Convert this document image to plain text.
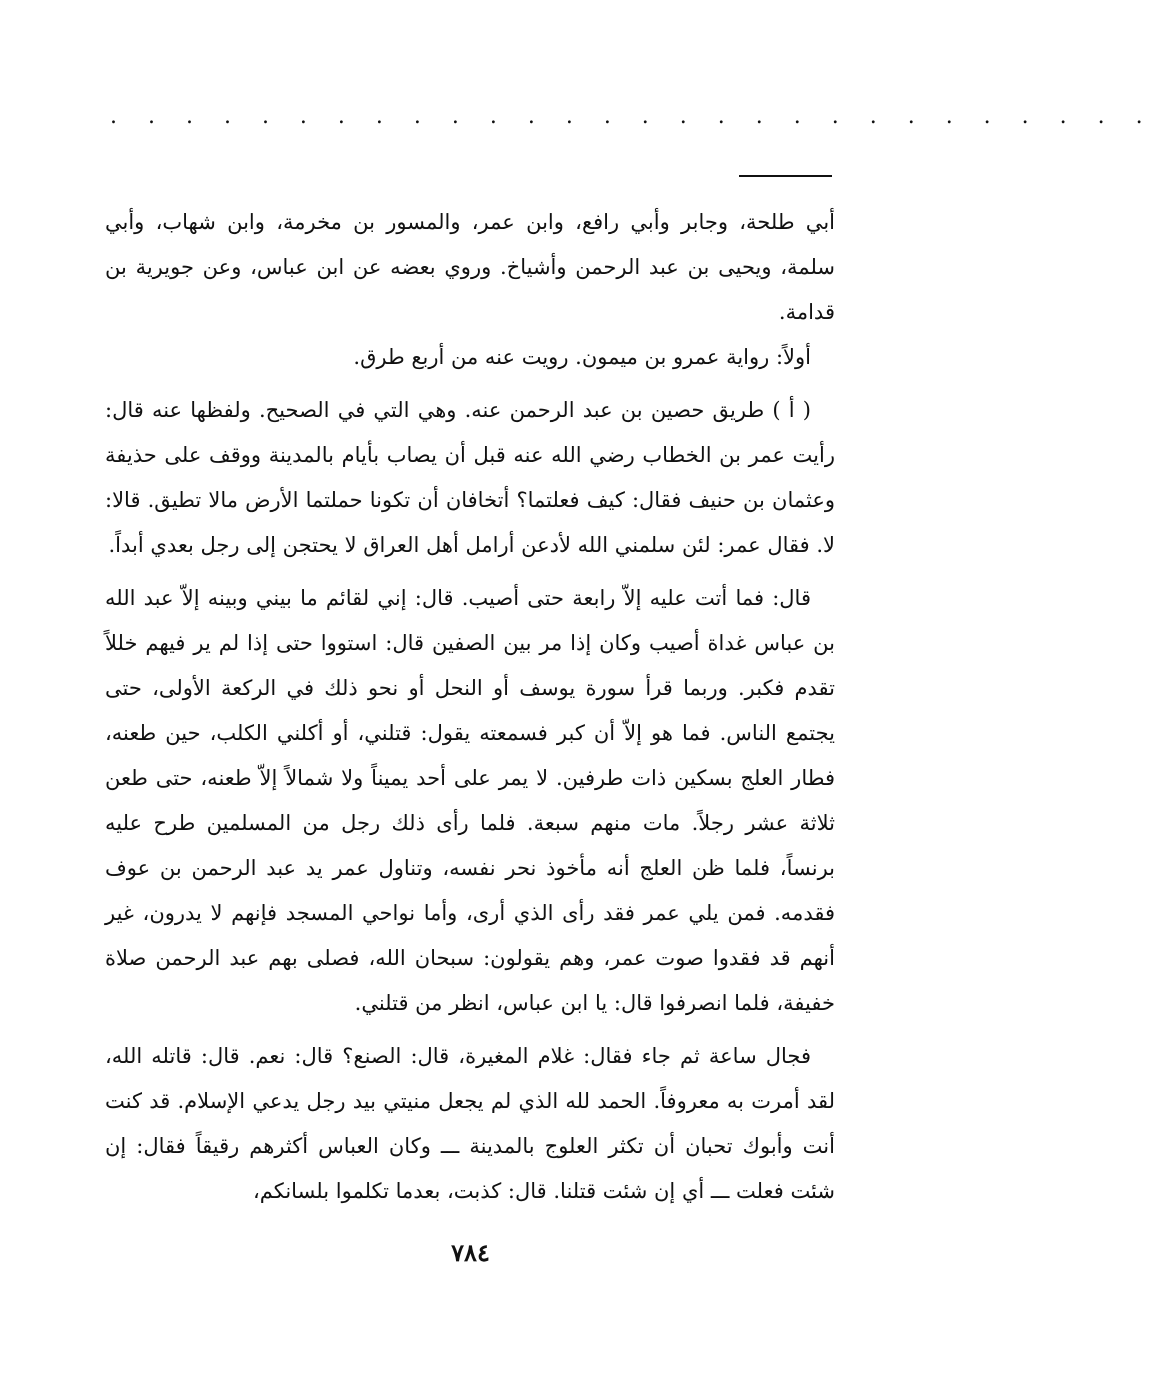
. . . . . . . . . . . . . . . . . . . . . . . . . . . .

أبي طلحة، وجابر وأبي رافع، وابن عمر، والمسور بن مخرمة، وابن شهاب، وأبي سلمة، ويحيى بن عبد الرحمن وأشياخ. وروي بعضه عن ابن عباس، وعن جويرية بن قدامة.

أولاً: رواية عمرو بن ميمون. رويت عنه من أربع طرق.

( أ ) طريق حصين بن عبد الرحمن عنه. وهي التي في الصحيح. ولفظها عنه قال: رأيت عمر بن الخطاب رضي الله عنه قبل أن يصاب بأيام بالمدينة ووقف على حذيفة وعثمان بن حنيف فقال: كيف فعلتما؟ أتخافان أن تكونا حملتما الأرض مالا تطيق. قالا: لا. فقال عمر: لئن سلمني الله لأدعن أرامل أهل العراق لا يحتجن إلى رجل بعدي أبداً.

قال: فما أتت عليه إلاّ رابعة حتى أصيب. قال: إني لقائم ما بيني وبينه إلاّ عبد الله بن عباس غداة أصيب وكان إذا مر بين الصفين قال: استووا حتى إذا لم ير فيهم خللاً تقدم فكبر. وربما قرأ سورة يوسف أو النحل أو نحو ذلك في الركعة الأولى، حتى يجتمع الناس. فما هو إلاّ أن كبر فسمعته يقول: قتلني، أو أكلني الكلب، حين طعنه، فطار العلج بسكين ذات طرفين. لا يمر على أحد يميناً ولا شمالاً إلاّ طعنه، حتى طعن ثلاثة عشر رجلاً. مات منهم سبعة. فلما رأى ذلك رجل من المسلمين طرح عليه برنساً، فلما ظن العلج أنه مأخوذ نحر نفسه، وتناول عمر يد عبد الرحمن بن عوف فقدمه. فمن يلي عمر فقد رأى الذي أرى، وأما نواحي المسجد فإنهم لا يدرون، غير أنهم قد فقدوا صوت عمر، وهم يقولون: سبحان الله، فصلى بهم عبد الرحمن صلاة خفيفة، فلما انصرفوا قال: يا ابن عباس، انظر من قتلني.

فجال ساعة ثم جاء فقال: غلام المغيرة، قال: الصنع؟ قال: نعم. قال: قاتله الله، لقد أمرت به معروفاً. الحمد لله الذي لم يجعل منيتي بيد رجل يدعي الإسلام. قد كنت أنت وأبوك تحبان أن تكثر العلوج بالمدينة ـــ وكان العباس أكثرهم رقيقاً فقال: إن شئت فعلت ـــ أي إن شئت قتلنا. قال: كذبت، بعدما تكلموا بلسانكم،

٧٨٤
